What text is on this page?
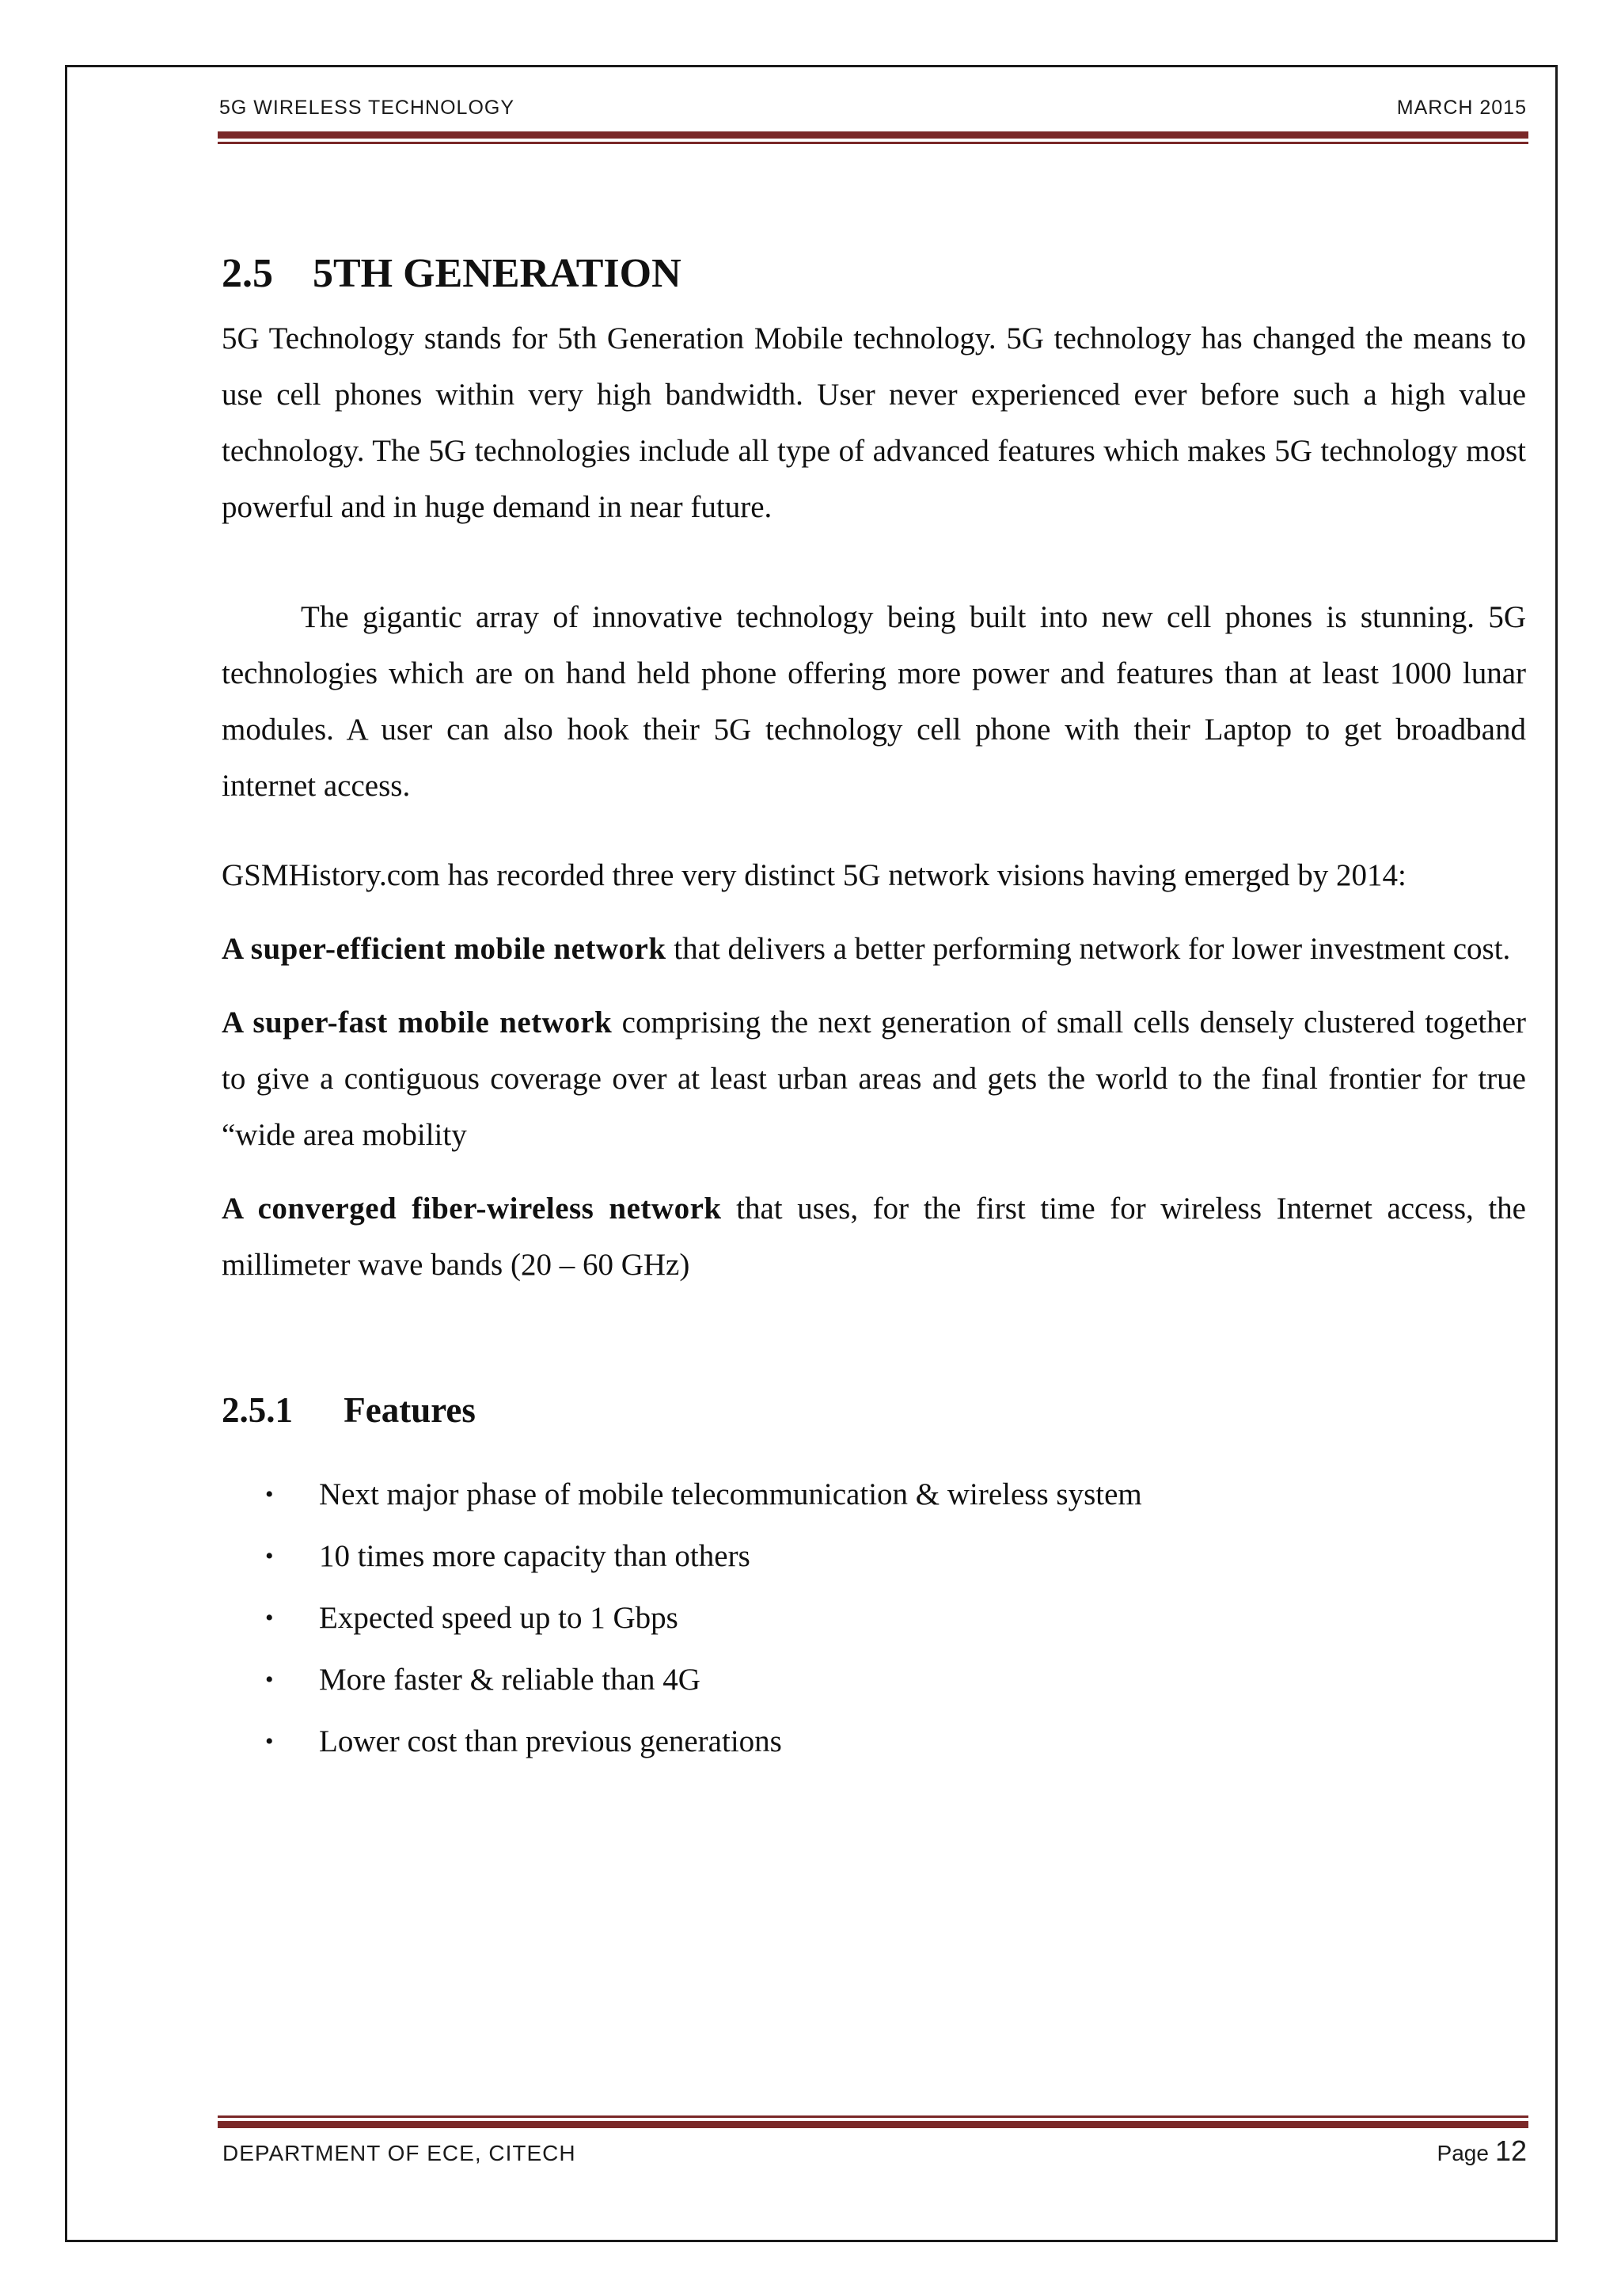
5G WIRELESS TECHNOLOGY	MARCH 2015
2.5 5TH GENERATION

5G Technology stands for 5th Generation Mobile technology. 5G technology has changed the means to use cell phones within very high bandwidth. User never experienced ever before such a high value technology. The 5G technologies include all type of advanced features which makes 5G technology most powerful and in huge demand in near future.

The gigantic array of innovative technology being built into new cell phones is stunning. 5G technologies which are on hand held phone offering more power and features than at least 1000 lunar modules. A user can also hook their 5G technology cell phone with their Laptop to get broadband internet access.

GSMHistory.com has recorded three very distinct 5G network visions having emerged by 2014:

A super-efficient mobile network that delivers a better performing network for lower investment cost.

A super-fast mobile network comprising the next generation of small cells densely clustered together to give a contiguous coverage over at least urban areas and gets the world to the final frontier for true “wide area mobility

A converged fiber-wireless network that uses, for the first time for wireless Internet access, the millimeter wave bands (20 – 60 GHz)

2.5.1 Features
• Next major phase of mobile telecommunication & wireless system
• 10 times more capacity than others
• Expected speed up to 1 Gbps
• More faster & reliable than 4G
• Lower cost than previous generations
DEPARTMENT OF ECE, CITECH	Page 12
